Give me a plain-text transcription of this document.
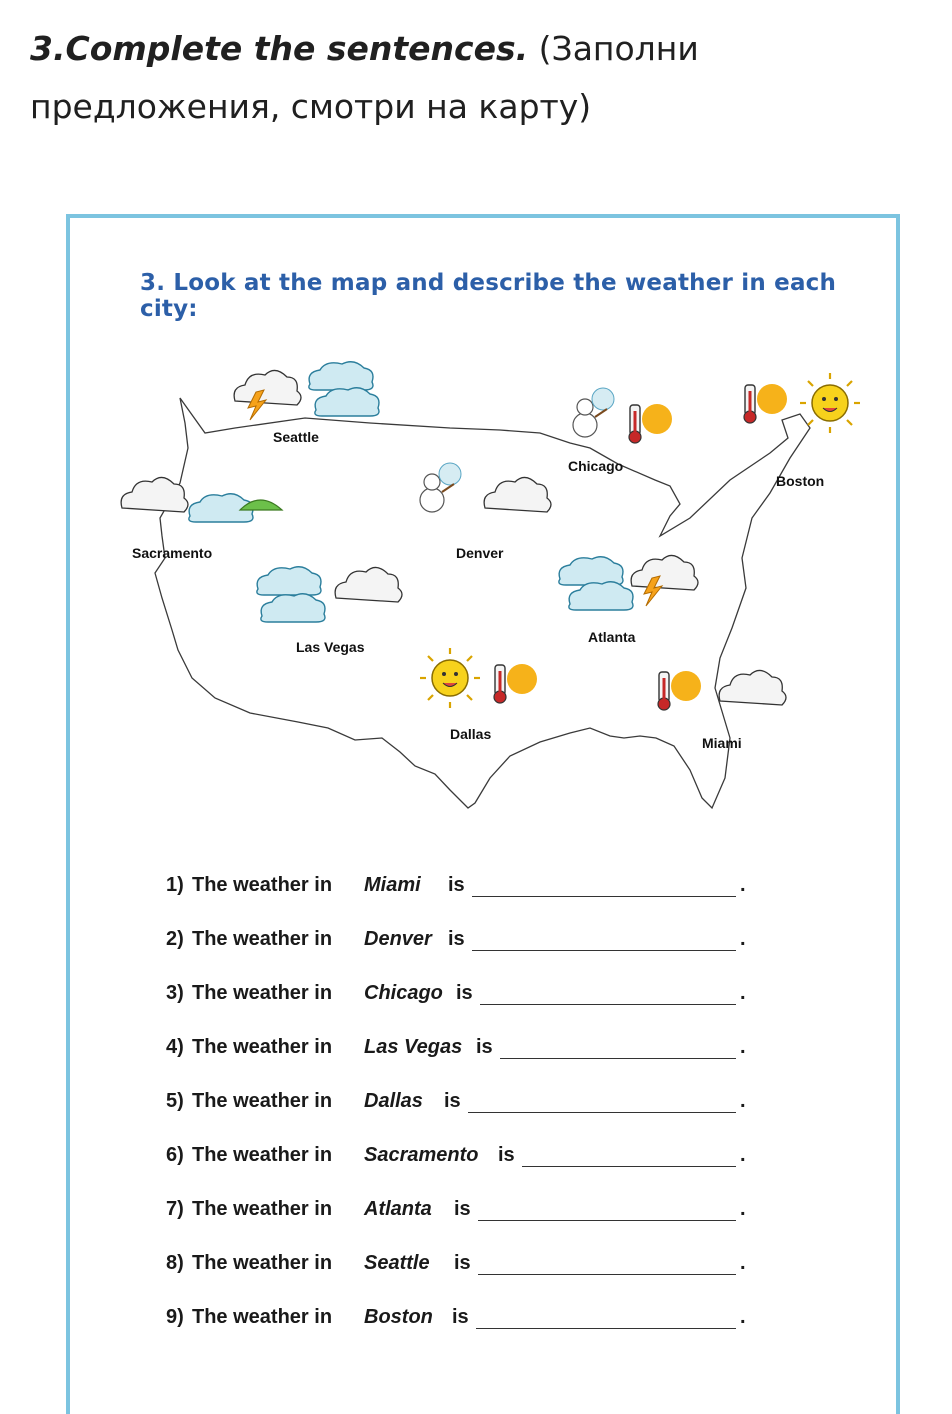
3.Complete the sentences. (Заполни предложения, смотри на карту)
3. Look at the map and describe the weather in each city:
Seattle
Chicago
Boston
Sacramento	Denver
Las Vegas
Atlanta
Dallas
Miami
1) The weather in Miami is	.
2) The weather in Denver is	.
3) The weather in Chicago is	.
4) The weather in Las Vegas is	.
5) The weather in Dallas is	.
6) The weather in Sacramento is	.
7) The weather in Atlanta is	.
8) The weather in Seattle is	.
9) The weather in Boston is	.
